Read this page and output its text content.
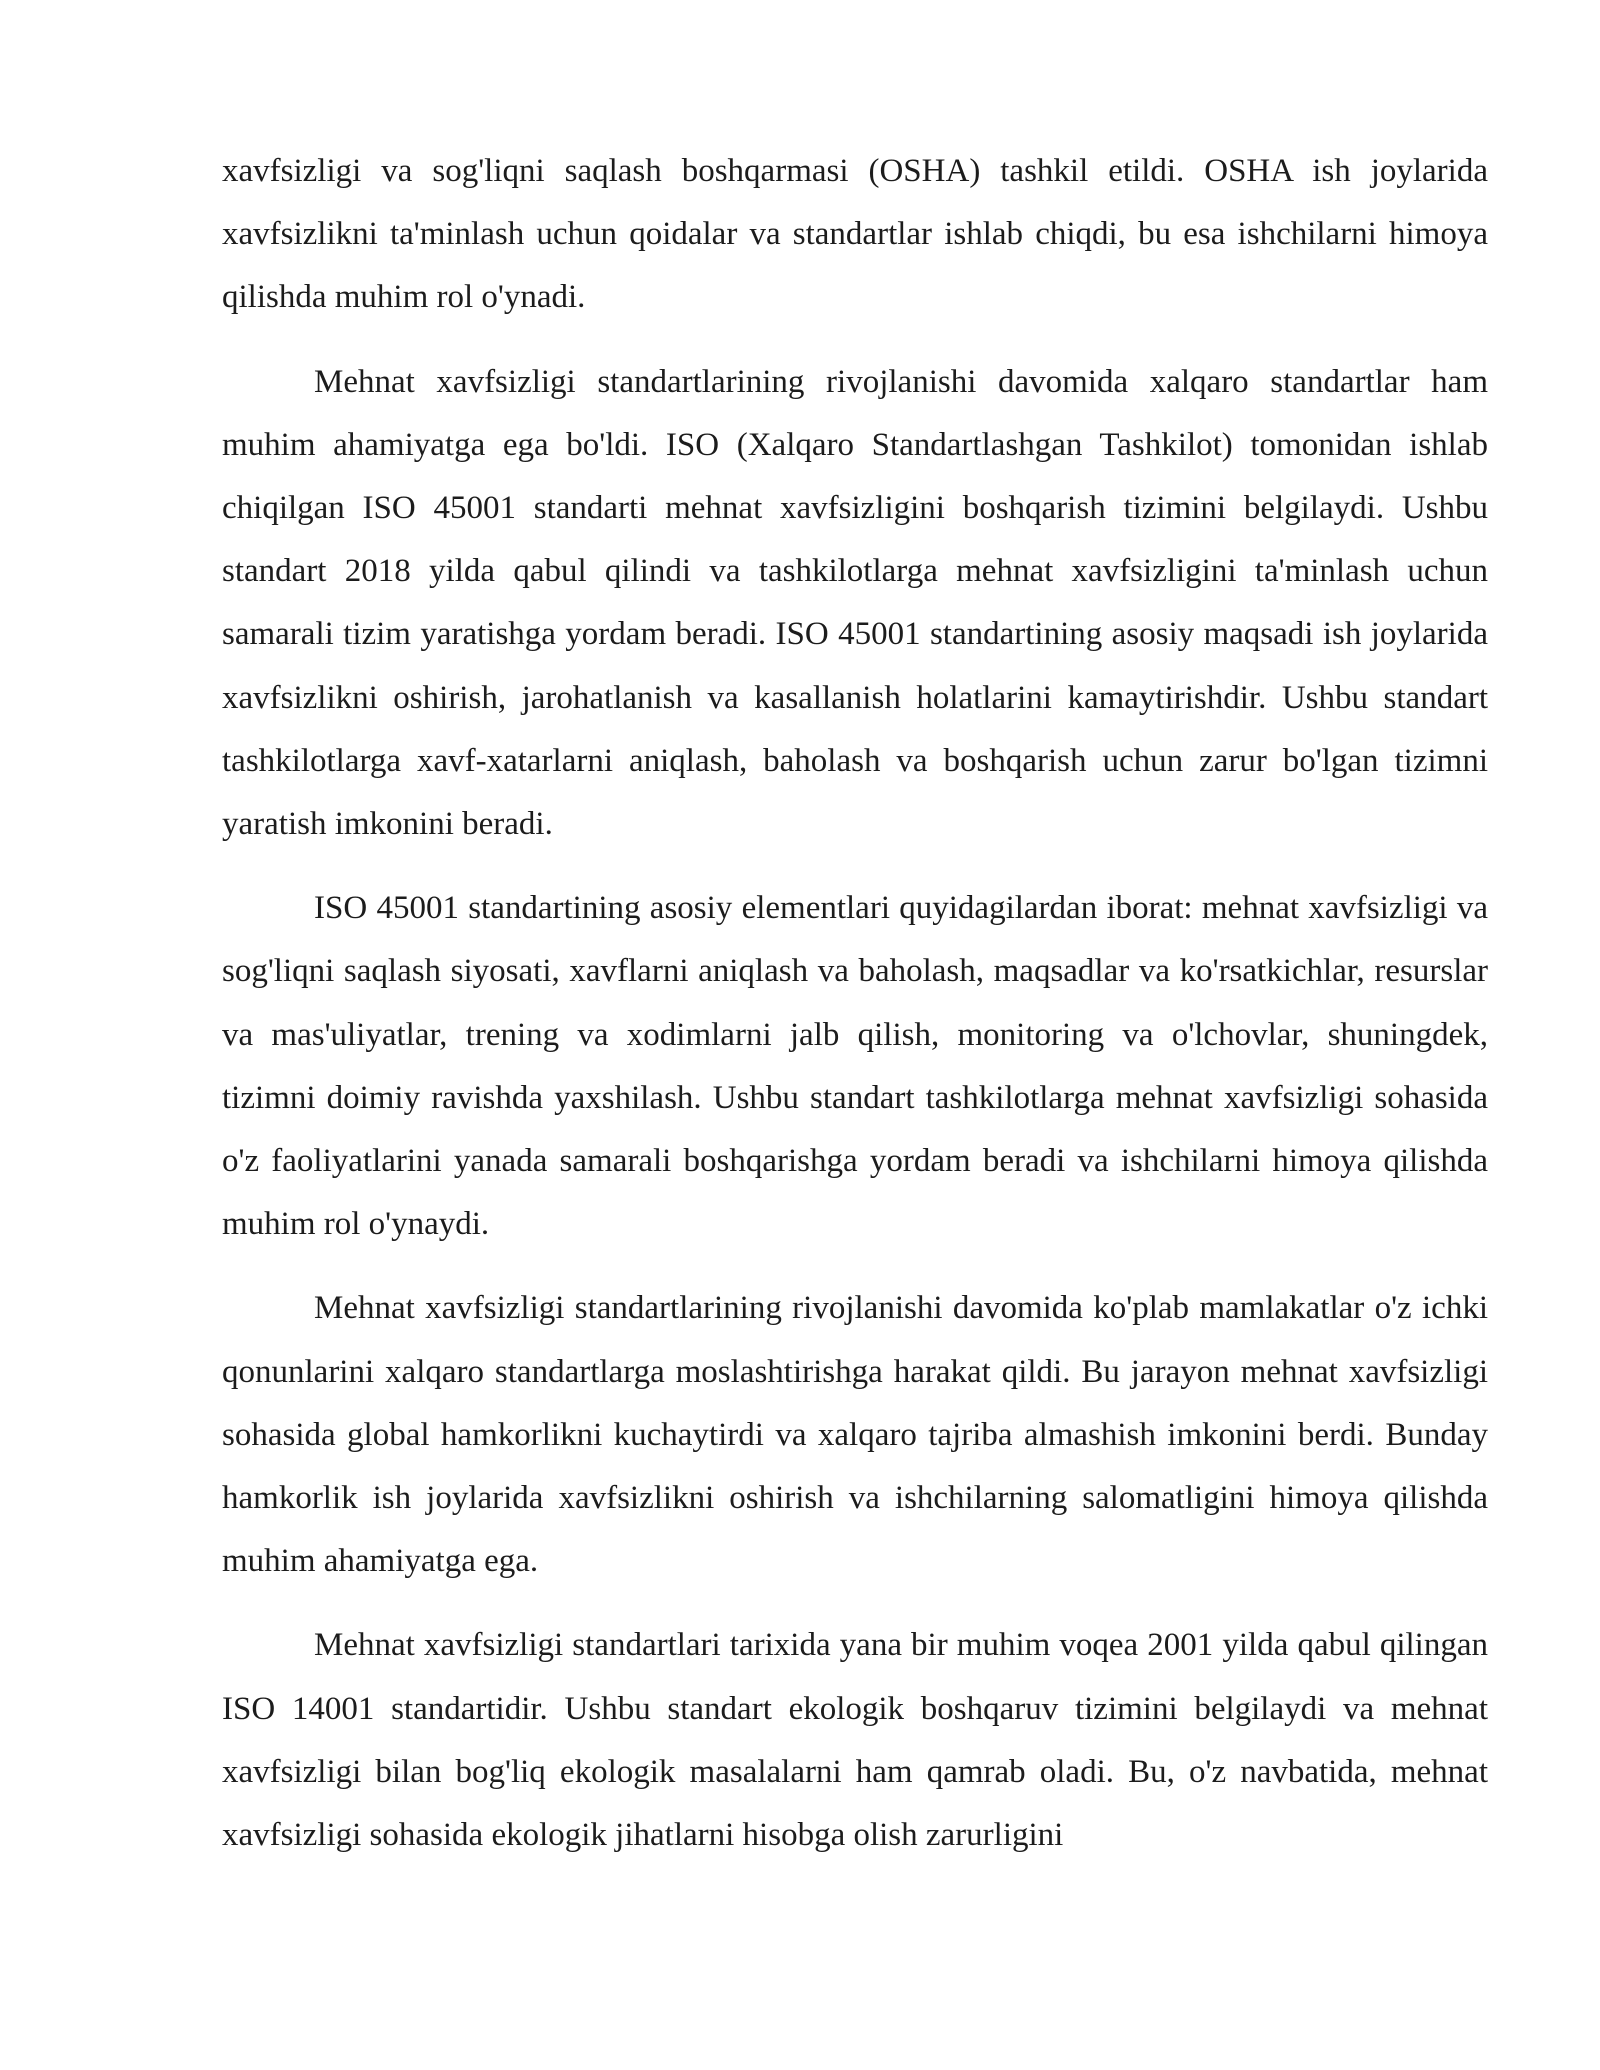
xavfsizligi va sog'liqni saqlash boshqarmasi (OSHA) tashkil etildi. OSHA ish joylarida xavfsizlikni ta'minlash uchun qoidalar va standartlar ishlab chiqdi, bu esa ishchilarni himoya qilishda muhim rol o'ynadi.

Mehnat xavfsizligi standartlarining rivojlanishi davomida xalqaro standartlar ham muhim ahamiyatga ega bo'ldi. ISO (Xalqaro Standartlashgan Tashkilot) tomonidan ishlab chiqilgan ISO 45001 standarti mehnat xavfsizligini boshqarish tizimini belgilaydi. Ushbu standart 2018 yilda qabul qilindi va tashkilotlarga mehnat xavfsizligini ta'minlash uchun samarali tizim yaratishga yordam beradi. ISO 45001 standartining asosiy maqsadi ish joylarida xavfsizlikni oshirish, jarohatlanish va kasallanish holatlarini kamaytirishdir. Ushbu standart tashkilotlarga xavf-xatarlarni aniqlash, baholash va boshqarish uchun zarur bo'lgan tizimni yaratish imkonini beradi.

ISO 45001 standartining asosiy elementlari quyidagilardan iborat: mehnat xavfsizligi va sog'liqni saqlash siyosati, xavflarni aniqlash va baholash, maqsadlar va ko'rsatkichlar, resurslar va mas'uliyatlar, trening va xodimlarni jalb qilish, monitoring va o'lchovlar, shuningdek, tizimni doimiy ravishda yaxshilash. Ushbu standart tashkilotlarga mehnat xavfsizligi sohasida o'z faoliyatlarini yanada samarali boshqarishga yordam beradi va ishchilarni himoya qilishda muhim rol o'ynaydi.

Mehnat xavfsizligi standartlarining rivojlanishi davomida ko'plab mamlakatlar o'z ichki qonunlarini xalqaro standartlarga moslashtirishga harakat qildi. Bu jarayon mehnat xavfsizligi sohasida global hamkorlikni kuchaytirdi va xalqaro tajriba almashish imkonini berdi. Bunday hamkorlik ish joylarida xavfsizlikni oshirish va ishchilarning salomatligini himoya qilishda muhim ahamiyatga ega.

Mehnat xavfsizligi standartlari tarixida yana bir muhim voqea 2001 yilda qabul qilingan ISO 14001 standartidir. Ushbu standart ekologik boshqaruv tizimini belgilaydi va mehnat xavfsizligi bilan bog'liq ekologik masalalarni ham qamrab oladi. Bu, o'z navbatida, mehnat xavfsizligi sohasida ekologik jihatlarni hisobga olish zarurligini
